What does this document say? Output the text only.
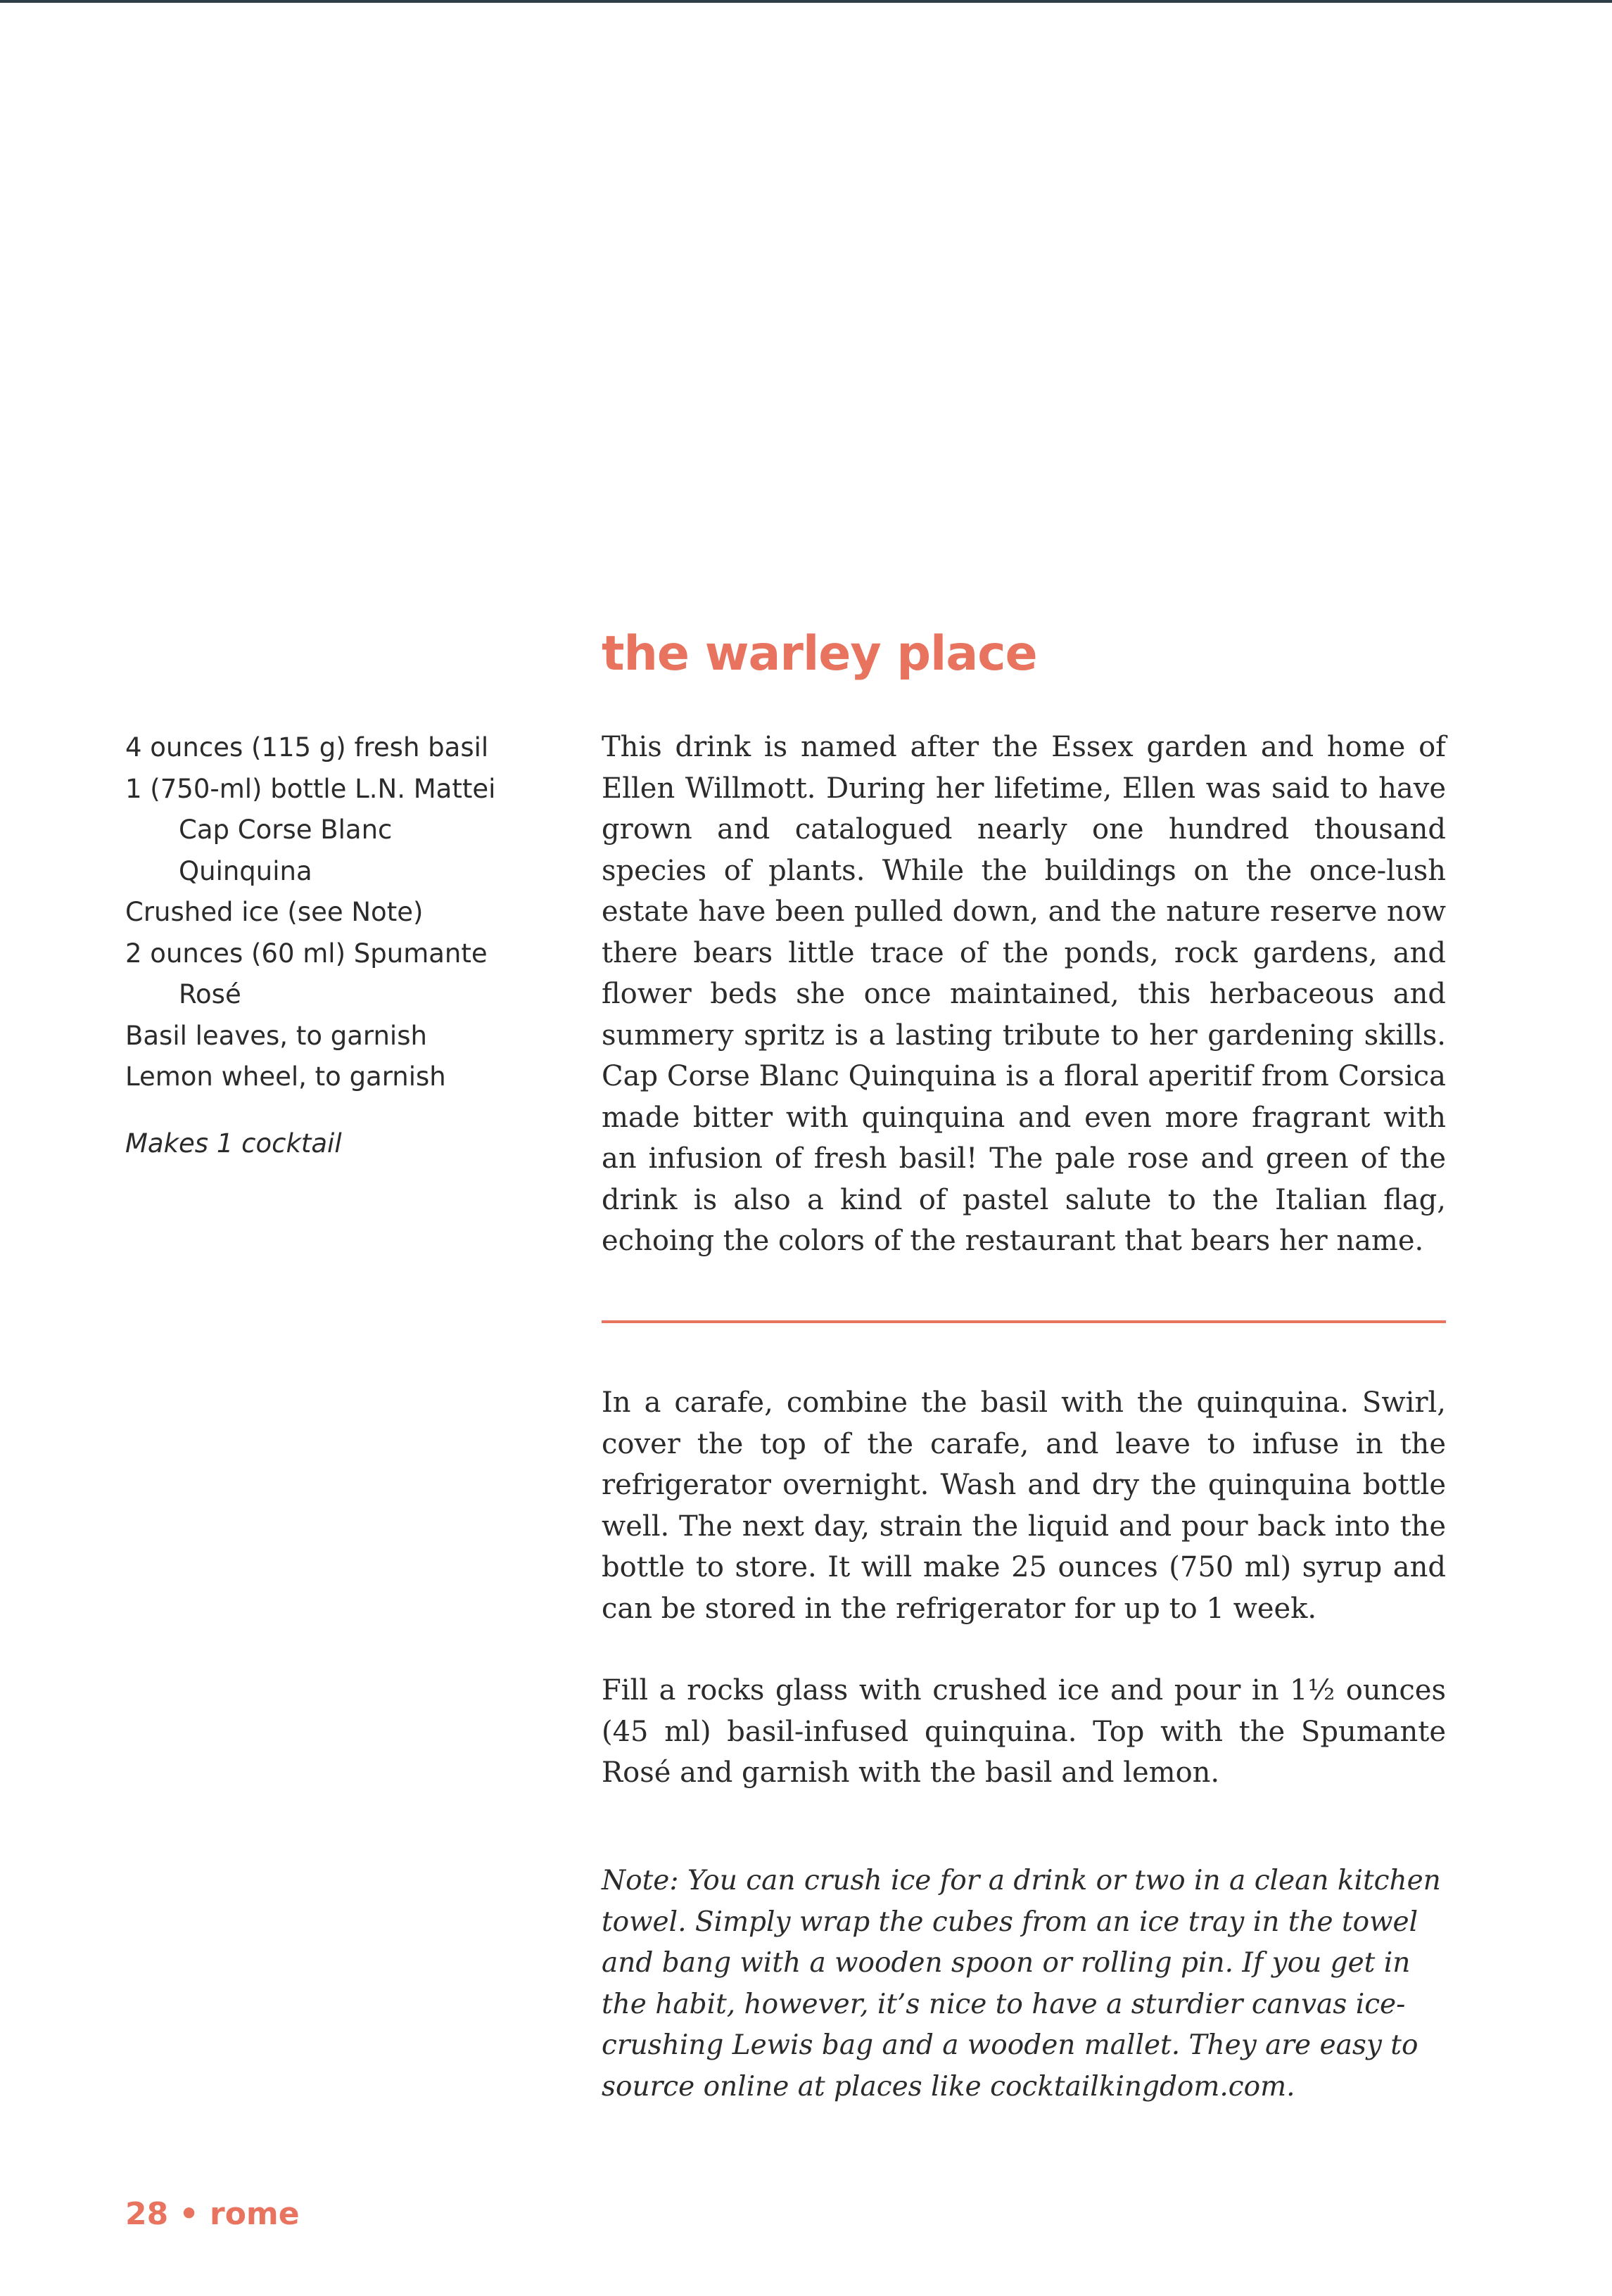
the warley place
4 ounces (115 g) fresh basil
1 (750-ml) bottle L.N. Mattei Cap Corse Blanc Quinquina
Crushed ice (see Note)
2 ounces (60 ml) Spumante Rosé
Basil leaves, to garnish
Lemon wheel, to garnish
Makes 1 cocktail

This drink is named after the Essex garden and home of Ellen Willmott. During her lifetime, Ellen was said to have grown and catalogued nearly one hundred thousand species of plants. While the buildings on the once-lush estate have been pulled down, and the nature reserve now there bears little trace of the ponds, rock gardens, and flower beds she once maintained, this herbaceous and summery spritz is a lasting tribute to her gardening skills. Cap Corse Blanc Quinquina is a floral aperitif from Corsica made bitter with quinquina and even more fragrant with an infusion of fresh basil! The pale rose and green of the drink is also a kind of pastel salute to the Italian flag, echoing the colors of the restaurant that bears her name.

In a carafe, combine the basil with the quinquina. Swirl, cover the top of the carafe, and leave to infuse in the refrigerator overnight. Wash and dry the quinquina bottle well. The next day, strain the liquid and pour back into the bottle to store. It will make 25 ounces (750 ml) syrup and can be stored in the refrigerator for up to 1 week.

Fill a rocks glass with crushed ice and pour in 1½ ounces (45 ml) basil-infused quinquina. Top with the Spumante Rosé and garnish with the basil and lemon.

Note: You can crush ice for a drink or two in a clean kitchen towel. Simply wrap the cubes from an ice tray in the towel and bang with a wooden spoon or rolling pin. If you get in the habit, however, it’s nice to have a sturdier canvas ice-crushing Lewis bag and a wooden mallet. They are easy to source online at places like cocktailkingdom.com.

28 • rome
